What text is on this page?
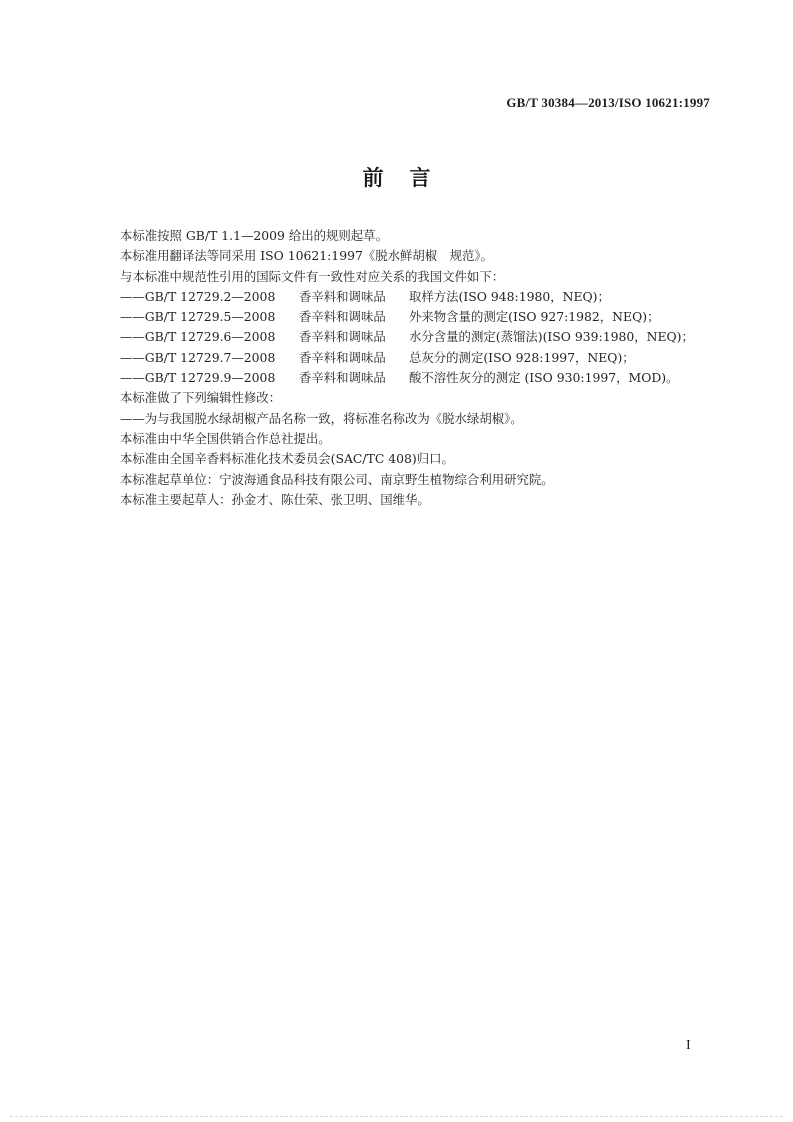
GB/T 30384—2013/ISO 10621:1997
前言
本标准按照 GB/T 1.1—2009 给出的规则起草。
本标准用翻译法等同采用 ISO 10621:1997《脱水鲜胡椒　规范》。
与本标准中规范性引用的国际文件有一致性对应关系的我国文件如下：
——GB/T 12729.2—2008	香辛料和调味品	取样方法(ISO 948:1980，NEQ)；
——GB/T 12729.5—2008	香辛料和调味品	外来物含量的测定(ISO 927:1982，NEQ)；
——GB/T 12729.6—2008	香辛料和调味品	水分含量的测定(蒸馏法)(ISO 939:1980，NEQ)；
——GB/T 12729.7—2008	香辛料和调味品	总灰分的测定(ISO 928:1997，NEQ)；
——GB/T 12729.9—2008	香辛料和调味品	酸不溶性灰分的测定 (ISO 930:1997，MOD)。
本标准做了下列编辑性修改：
——为与我国脱水绿胡椒产品名称一致，将标准名称改为《脱水绿胡椒》。
本标准由中华全国供销合作总社提出。
本标准由全国辛香料标准化技术委员会(SAC/TC 408)归口。
本标准起草单位：宁波海通食品科技有限公司、南京野生植物综合利用研究院。
本标准主要起草人：孙金才、陈仕荣、张卫明、国维华。
I
